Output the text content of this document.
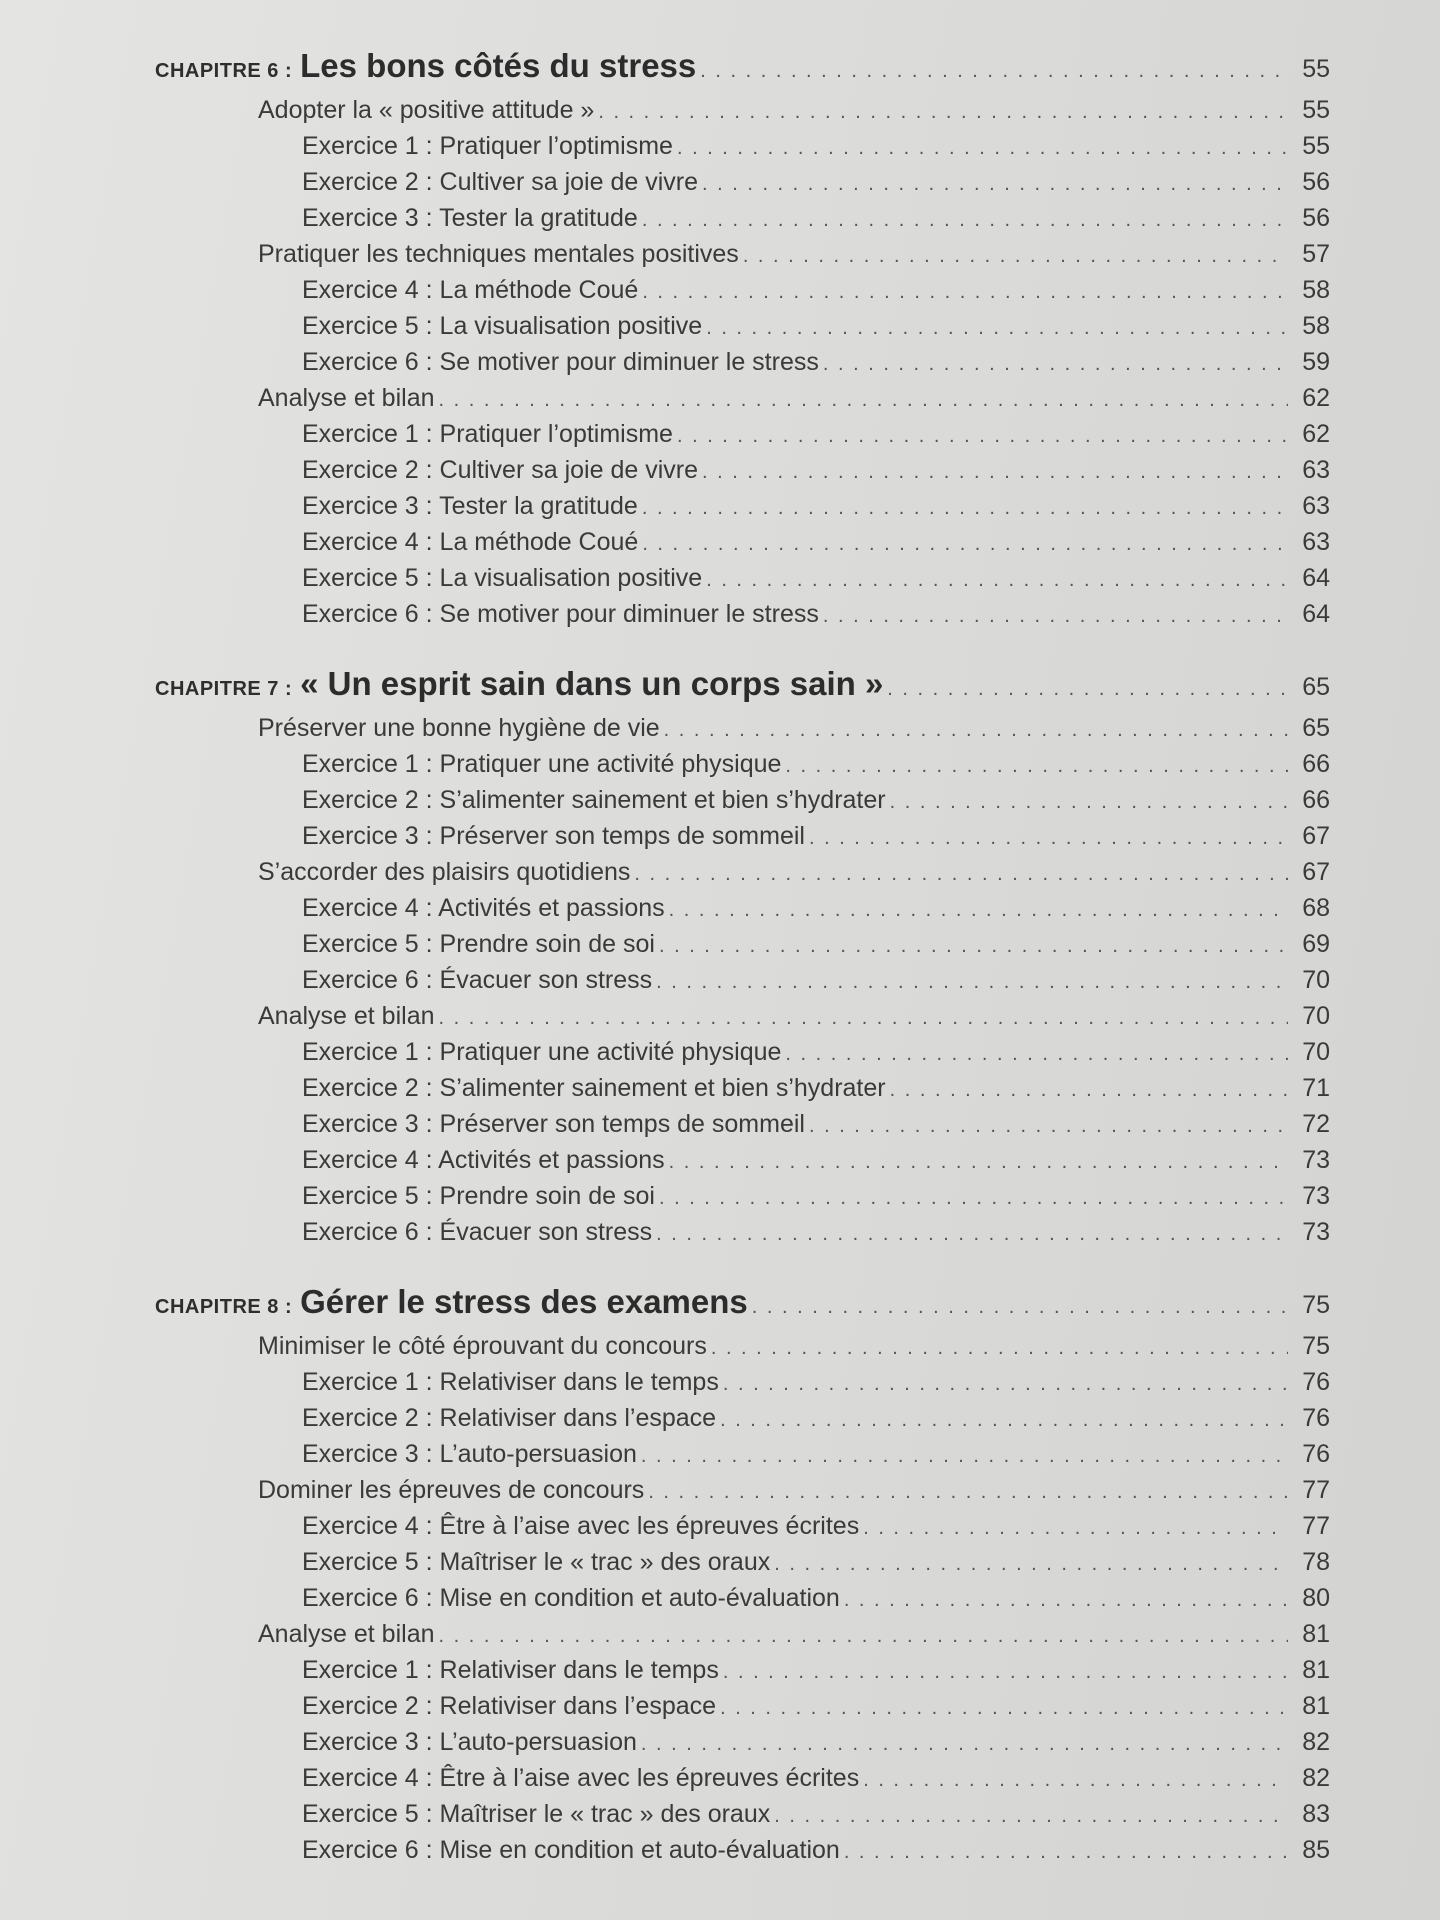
CHAPITRE 6 : Les bons côtés du stress . . .	55
Adopter la « positive attitude » . . .	55
Exercice 1 : Pratiquer l’optimisme . . .	55
Exercice 2 : Cultiver sa joie de vivre . . .	56
Exercice 3 : Tester la gratitude . . .	56
Pratiquer les techniques mentales positives . . .	57
Exercice 4 : La méthode Coué . . .	58
Exercice 5 : La visualisation positive . . .	58
Exercice 6 : Se motiver pour diminuer le stress . . .	59
Analyse et bilan . . .	62
Exercice 1 : Pratiquer l’optimisme . . .	62
Exercice 2 : Cultiver sa joie de vivre . . .	63
Exercice 3 : Tester la gratitude . . .	63
Exercice 4 : La méthode Coué . . .	63
Exercice 5 : La visualisation positive . . .	64
Exercice 6 : Se motiver pour diminuer le stress . . .	64
CHAPITRE 7 : « Un esprit sain dans un corps sain » . . .	65
Préserver une bonne hygiène de vie . . .	65
Exercice 1 : Pratiquer une activité physique . . .	66
Exercice 2 : S’alimenter sainement et bien s’hydrater . . .	66
Exercice 3 : Préserver son temps de sommeil . . .	67
S’accorder des plaisirs quotidiens . . .	67
Exercice 4 : Activités et passions . . .	68
Exercice 5 : Prendre soin de soi . . .	69
Exercice 6 : Évacuer son stress . . .	70
Analyse et bilan . . .	70
Exercice 1 : Pratiquer une activité physique . . .	70
Exercice 2 : S’alimenter sainement et bien s’hydrater . . .	71
Exercice 3 : Préserver son temps de sommeil . . .	72
Exercice 4 : Activités et passions . . .	73
Exercice 5 : Prendre soin de soi . . .	73
Exercice 6 : Évacuer son stress . . .	73
CHAPITRE 8 : Gérer le stress des examens . . .	75
Minimiser le côté éprouvant du concours . . .	75
Exercice 1 : Relativiser dans le temps . . .	76
Exercice 2 : Relativiser dans l’espace . . .	76
Exercice 3 : L’auto-persuasion . . .	76
Dominer les épreuves de concours . . .	77
Exercice 4 : Être à l’aise avec les épreuves écrites . . .	77
Exercice 5 : Maîtriser le « trac » des oraux . . .	78
Exercice 6 : Mise en condition et auto-évaluation . . .	80
Analyse et bilan . . .	81
Exercice 1 : Relativiser dans le temps . . .	81
Exercice 2 : Relativiser dans l’espace . . .	81
Exercice 3 : L’auto-persuasion . . .	82
Exercice 4 : Être à l’aise avec les épreuves écrites . . .	82
Exercice 5 : Maîtriser le « trac » des oraux . . .	83
Exercice 6 : Mise en condition et auto-évaluation . . .	85
